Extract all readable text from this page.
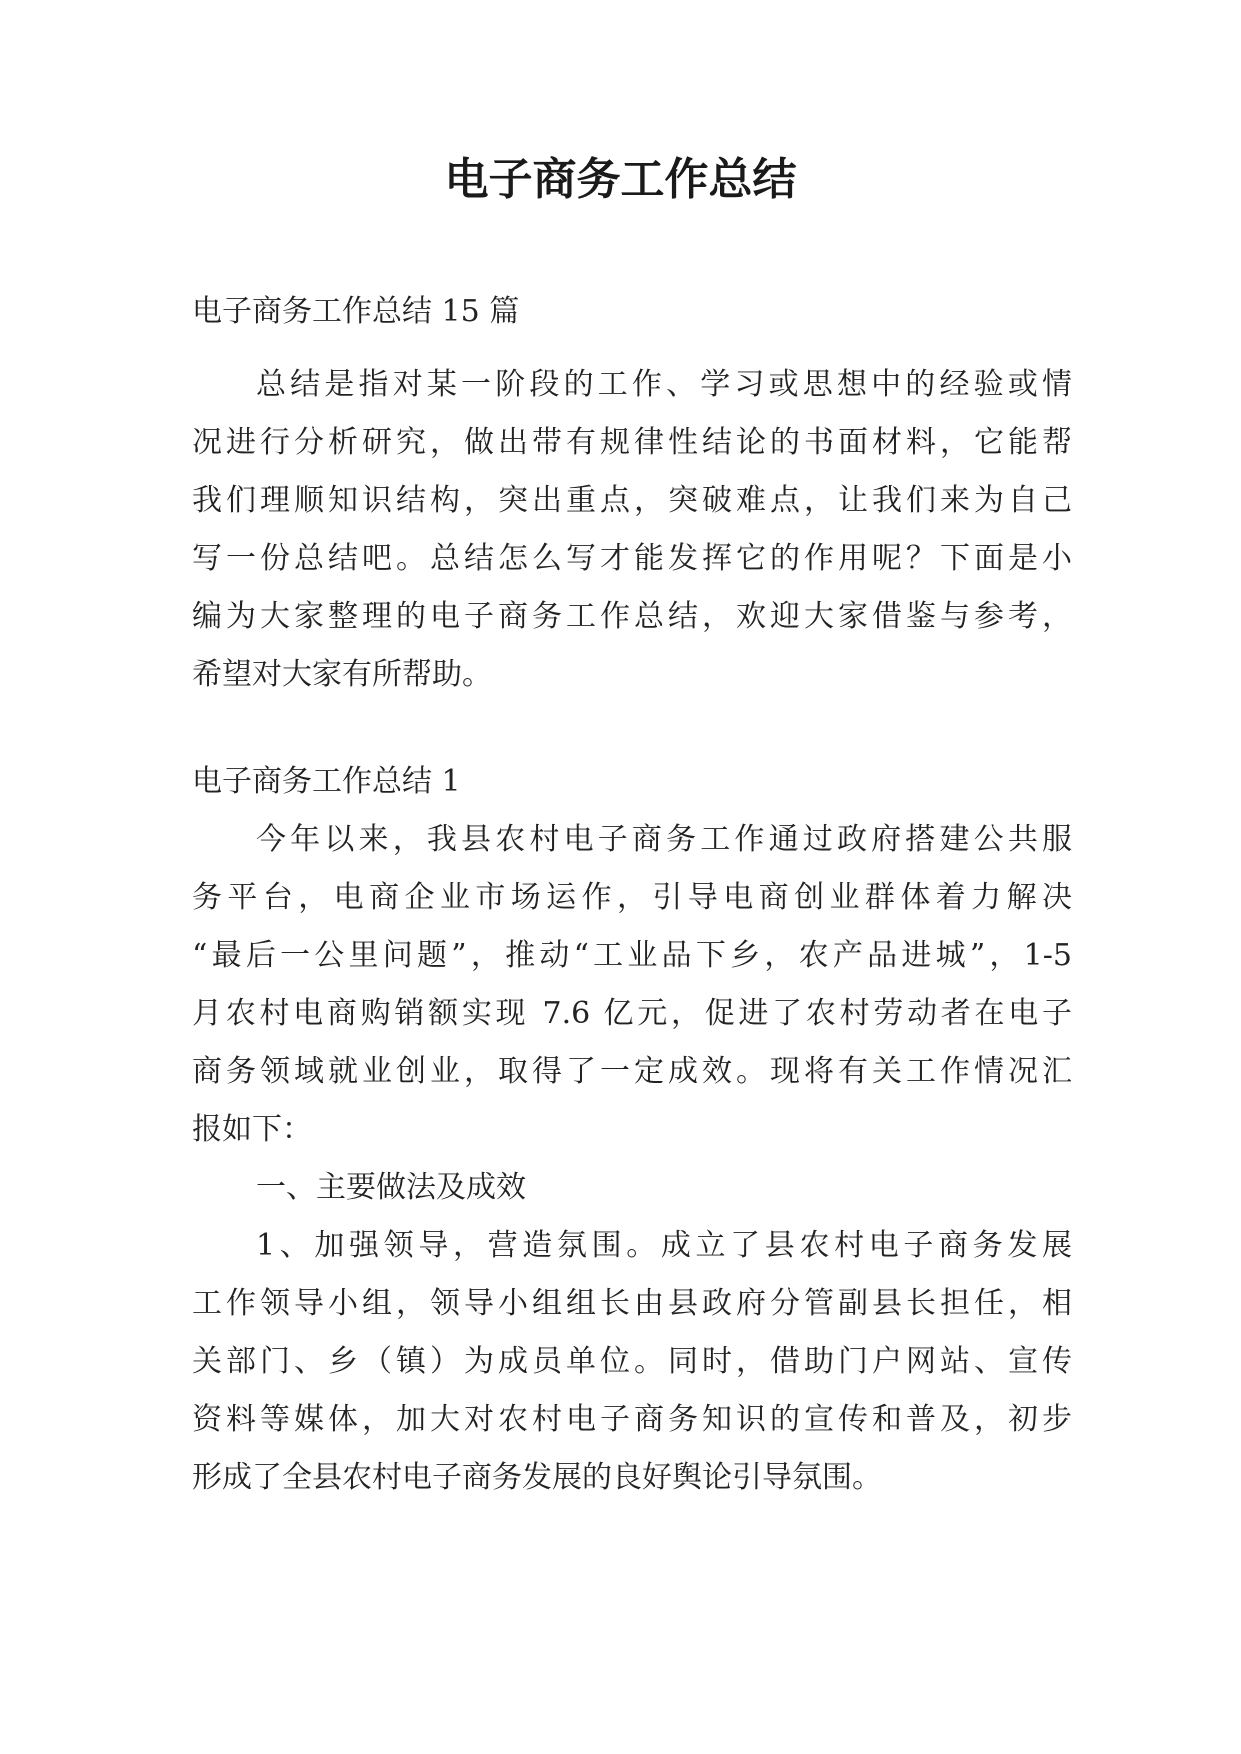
电子商务工作总结

电子商务工作总结 15 篇

总结是指对某一阶段的工作、学习或思想中的经验或情
况进行分析研究，做出带有规律性结论的书面材料，它能帮
我们理顺知识结构，突出重点，突破难点，让我们来为自己
写一份总结吧。总结怎么写才能发挥它的作用呢？下面是小
编为大家整理的电子商务工作总结，欢迎大家借鉴与参考，
希望对大家有所帮助。
电子商务工作总结 1
今年以来，我县农村电子商务工作通过政府搭建公共服
务平台，电商企业市场运作，引导电商创业群体着力解决
“最后一公里问题”，推动“工业品下乡，农产品进城”，1-5
月农村电商购销额实现 7.6 亿元，促进了农村劳动者在电子
商务领域就业创业，取得了一定成效。现将有关工作情况汇
报如下：
一、主要做法及成效
1、加强领导，营造氛围。成立了县农村电子商务发展
工作领导小组，领导小组组长由县政府分管副县长担任，相
关部门、乡（镇）为成员单位。同时，借助门户网站、宣传
资料等媒体，加大对农村电子商务知识的宣传和普及，初步
形成了全县农村电子商务发展的良好舆论引导氛围。
